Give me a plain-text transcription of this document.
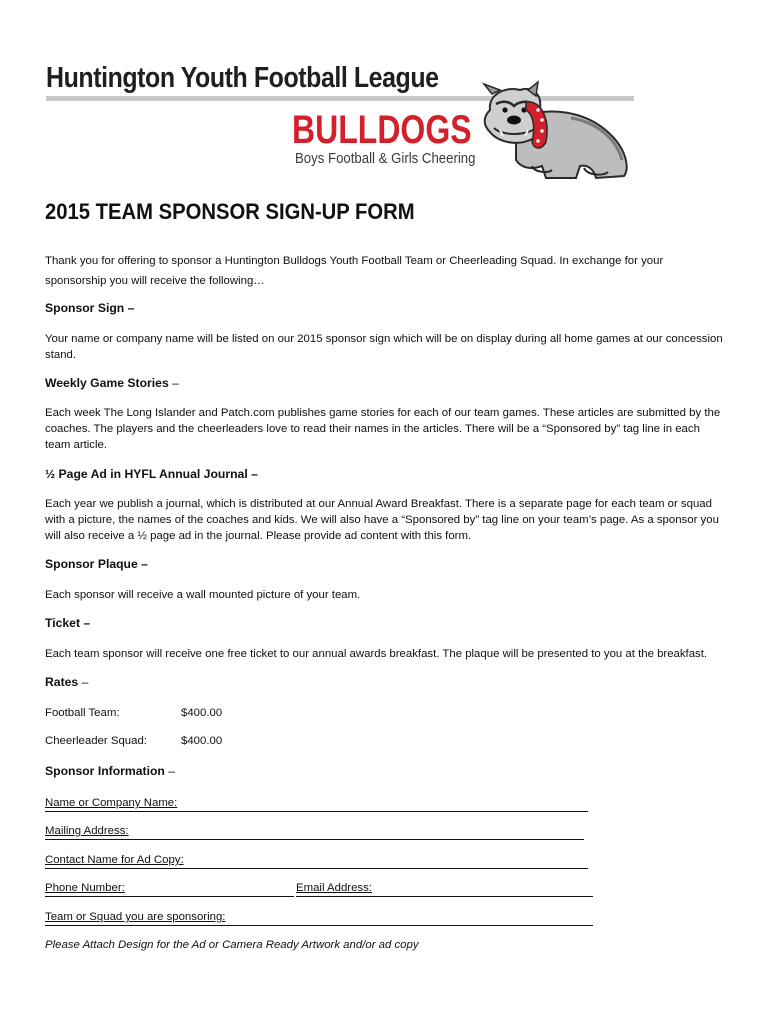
Huntington Youth Football League
BULLDOGS
Boys Football & Girls Cheering
2015 TEAM SPONSOR SIGN-UP FORM
Thank you for offering to sponsor a Huntington Bulldogs Youth Football Team or Cheerleading Squad. In exchange for your sponsorship you will receive the following…
Sponsor Sign –
Your name or company name will be listed on our 2015 sponsor sign which will be on display during all home games at our concession stand.
Weekly Game Stories –
Each week The Long Islander and Patch.com publishes game stories for each of our team games. These articles are submitted by the coaches. The players and the cheerleaders love to read their names in the articles. There will be a “Sponsored by” tag line in each team article.
½ Page Ad in HYFL Annual Journal –
Each year we publish a journal, which is distributed at our Annual Award Breakfast. There is a separate page for each team or squad with a picture, the names of the coaches and kids. We will also have a “Sponsored by” tag line on your team’s page. As a sponsor you will also receive a ½ page ad in the journal. Please provide ad content with this form.
Sponsor Plaque –
Each sponsor will receive a wall mounted picture of your team.
Ticket –
Each team sponsor will receive one free ticket to our annual awards breakfast. The plaque will be presented to you at the breakfast.
Rates –
Football Team:	$400.00
Cheerleader Squad:	$400.00
Sponsor Information –
Name or Company Name:
Mailing Address:
Contact Name for Ad Copy:
Phone Number:	Email Address:
Team or Squad you are sponsoring:
Please Attach Design for the Ad or Camera Ready Artwork and/or ad copy
